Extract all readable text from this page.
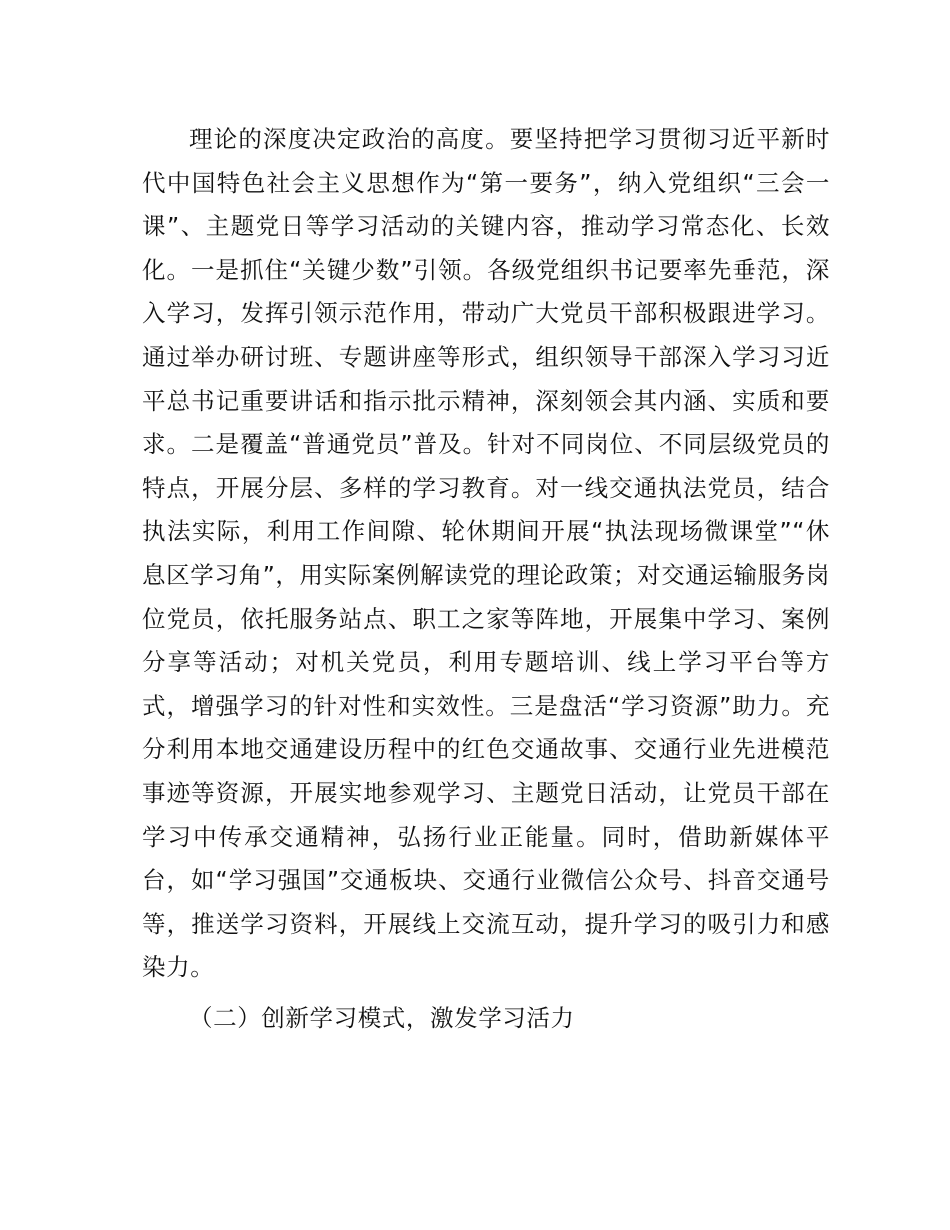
理论的深度决定政治的高度。要坚持把学习贯彻习近平新时代中国特色社会主义思想作为“第一要务”，纳入党组织“三会一课”、主题党日等学习活动的关键内容，推动学习常态化、长效化。一是抓住“关键少数”引领。各级党组织书记要率先垂范，深入学习，发挥引领示范作用，带动广大党员干部积极跟进学习。通过举办研讨班、专题讲座等形式，组织领导干部深入学习习近平总书记重要讲话和指示批示精神，深刻领会其内涵、实质和要求。二是覆盖“普通党员”普及。针对不同岗位、不同层级党员的特点，开展分层、多样的学习教育。对一线交通执法党员，结合执法实际，利用工作间隙、轮休期间开展“执法现场微课堂”“休息区学习角”，用实际案例解读党的理论政策；对交通运输服务岗位党员，依托服务站点、职工之家等阵地，开展集中学习、案例分享等活动；对机关党员，利用专题培训、线上学习平台等方式，增强学习的针对性和实效性。三是盘活“学习资源”助力。充分利用本地交通建设历程中的红色交通故事、交通行业先进模范事迹等资源，开展实地参观学习、主题党日活动，让党员干部在学习中传承交通精神，弘扬行业正能量。同时，借助新媒体平台，如“学习强国”交通板块、交通行业微信公众号、抖音交通号等，推送学习资料，开展线上交流互动，提升学习的吸引力和感染力。

（二）创新学习模式，激发学习活力
